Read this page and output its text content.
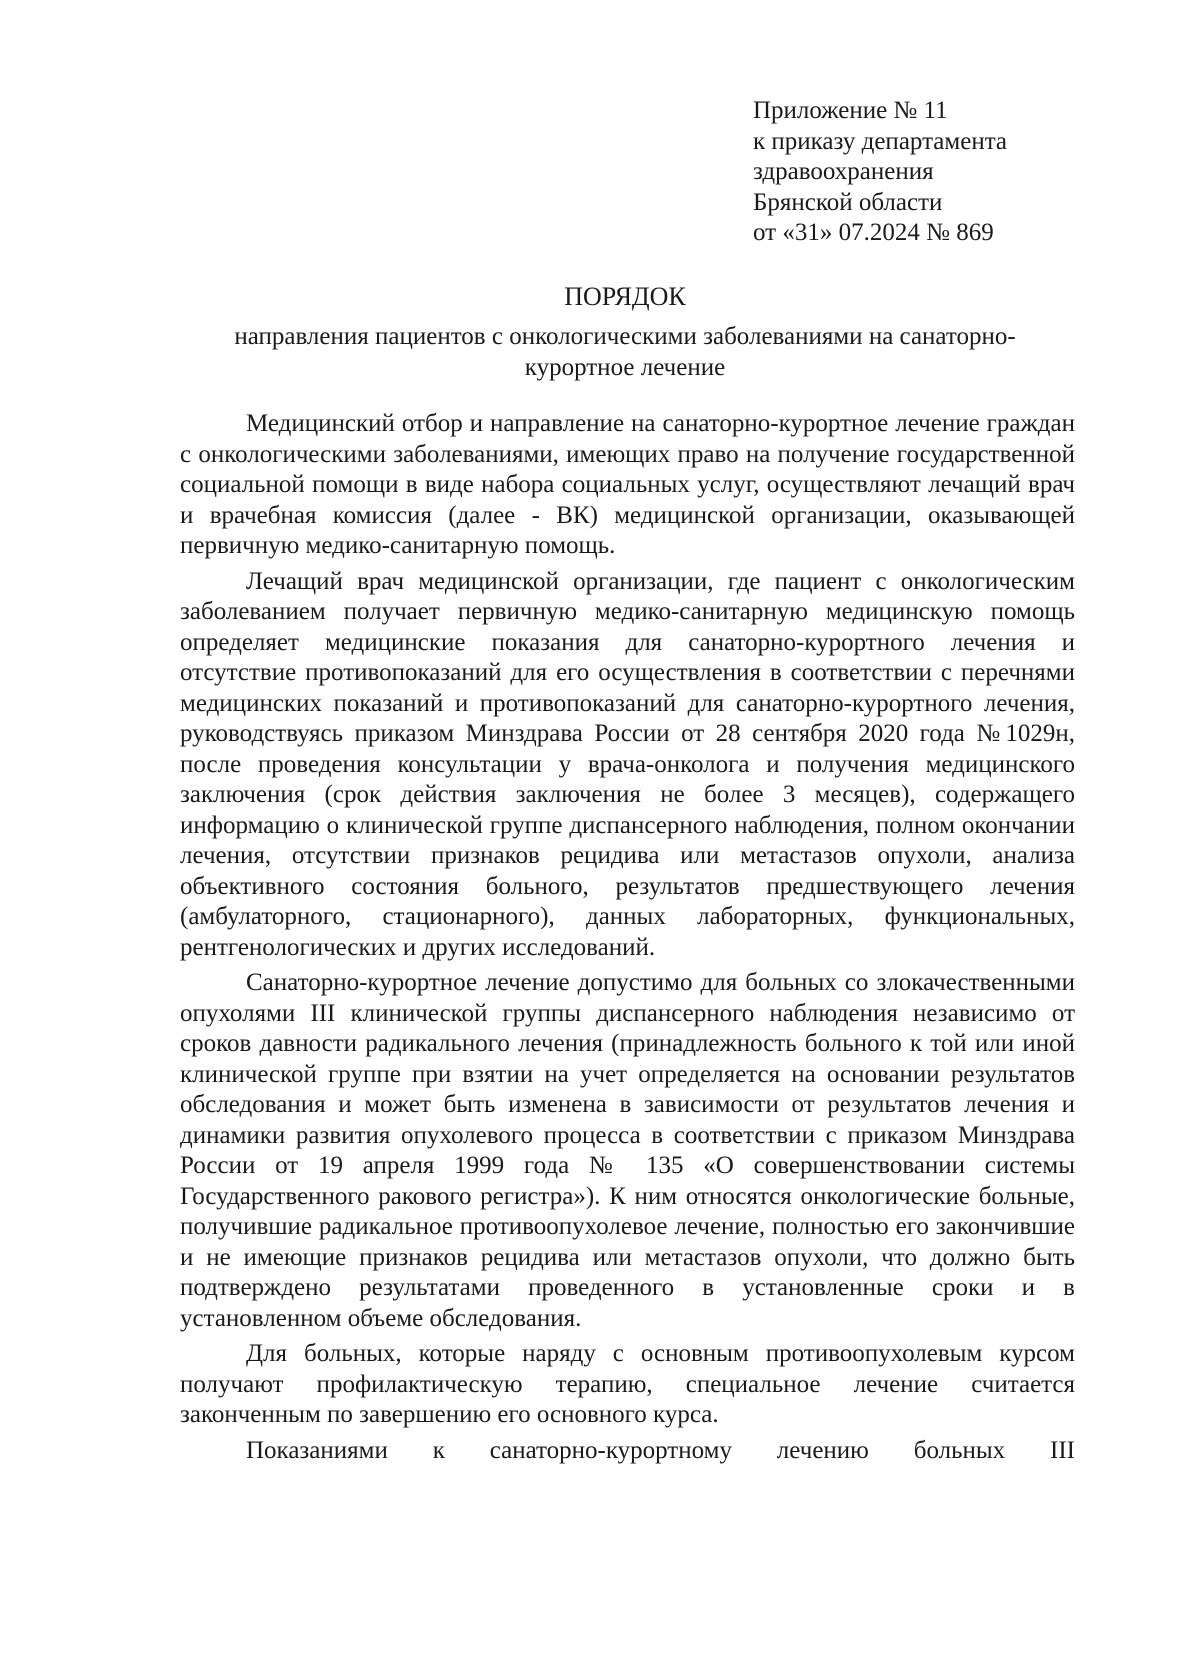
Приложение № 11
к приказу департамента
здравоохранения
Брянской области
от «31» 07.2024 № 869
ПОРЯДОК
направления пациентов с онкологическими заболеваниями на санаторно-курортное лечение

Медицинский отбор и направление на санаторно-курортное лечение граждан с онкологическими заболеваниями, имеющих право на получение государственной социальной помощи в виде набора социальных услуг, осуществляют лечащий врач и врачебная комиссия (далее - ВК) медицинской организации, оказывающей первичную медико-санитарную помощь.

Лечащий врач медицинской организации, где пациент с онкологическим заболеванием получает первичную медико-санитарную медицинскую помощь определяет медицинские показания для санаторно-курортного лечения и отсутствие противопоказаний для его осуществления в соответствии с перечнями медицинских показаний и противопоказаний для санаторно-курортного лечения, руководствуясь приказом Минздрава России от 28 сентября 2020 года №1029н, после проведения консультации у врача-онколога и получения медицинского заключения (срок действия заключения не более 3 месяцев), содержащего информацию о клинической группе диспансерного наблюдения, полном окончании лечения, отсутствии признаков рецидива или метастазов опухоли, анализа объективного состояния больного, результатов предшествующего лечения (амбулаторного, стационарного), данных лабораторных, функциональных, рентгенологических и других исследований.

Санаторно-курортное лечение допустимо для больных со злокачественными опухолями III клинической группы диспансерного наблюдения независимо от сроков давности радикального лечения (принадлежность больного к той или иной клинической группе при взятии на учет определяется на основании результатов обследования и может быть изменена в зависимости от результатов лечения и динамики развития опухолевого процесса в соответствии с приказом Минздрава России от 19 апреля 1999 года № 135 «О совершенствовании системы Государственного ракового регистра»). К ним относятся онкологические больные, получившие радикальное противоопухолевое лечение, полностью его закончившие и не имеющие признаков рецидива или метастазов опухоли, что должно быть подтверждено результатами проведенного в установленные сроки и в установленном объеме обследования.

Для больных, которые наряду с основным противоопухолевым курсом получают профилактическую терапию, специальное лечение считается законченным по завершению его основного курса.

Показаниями к санаторно-курортному лечению больных III
